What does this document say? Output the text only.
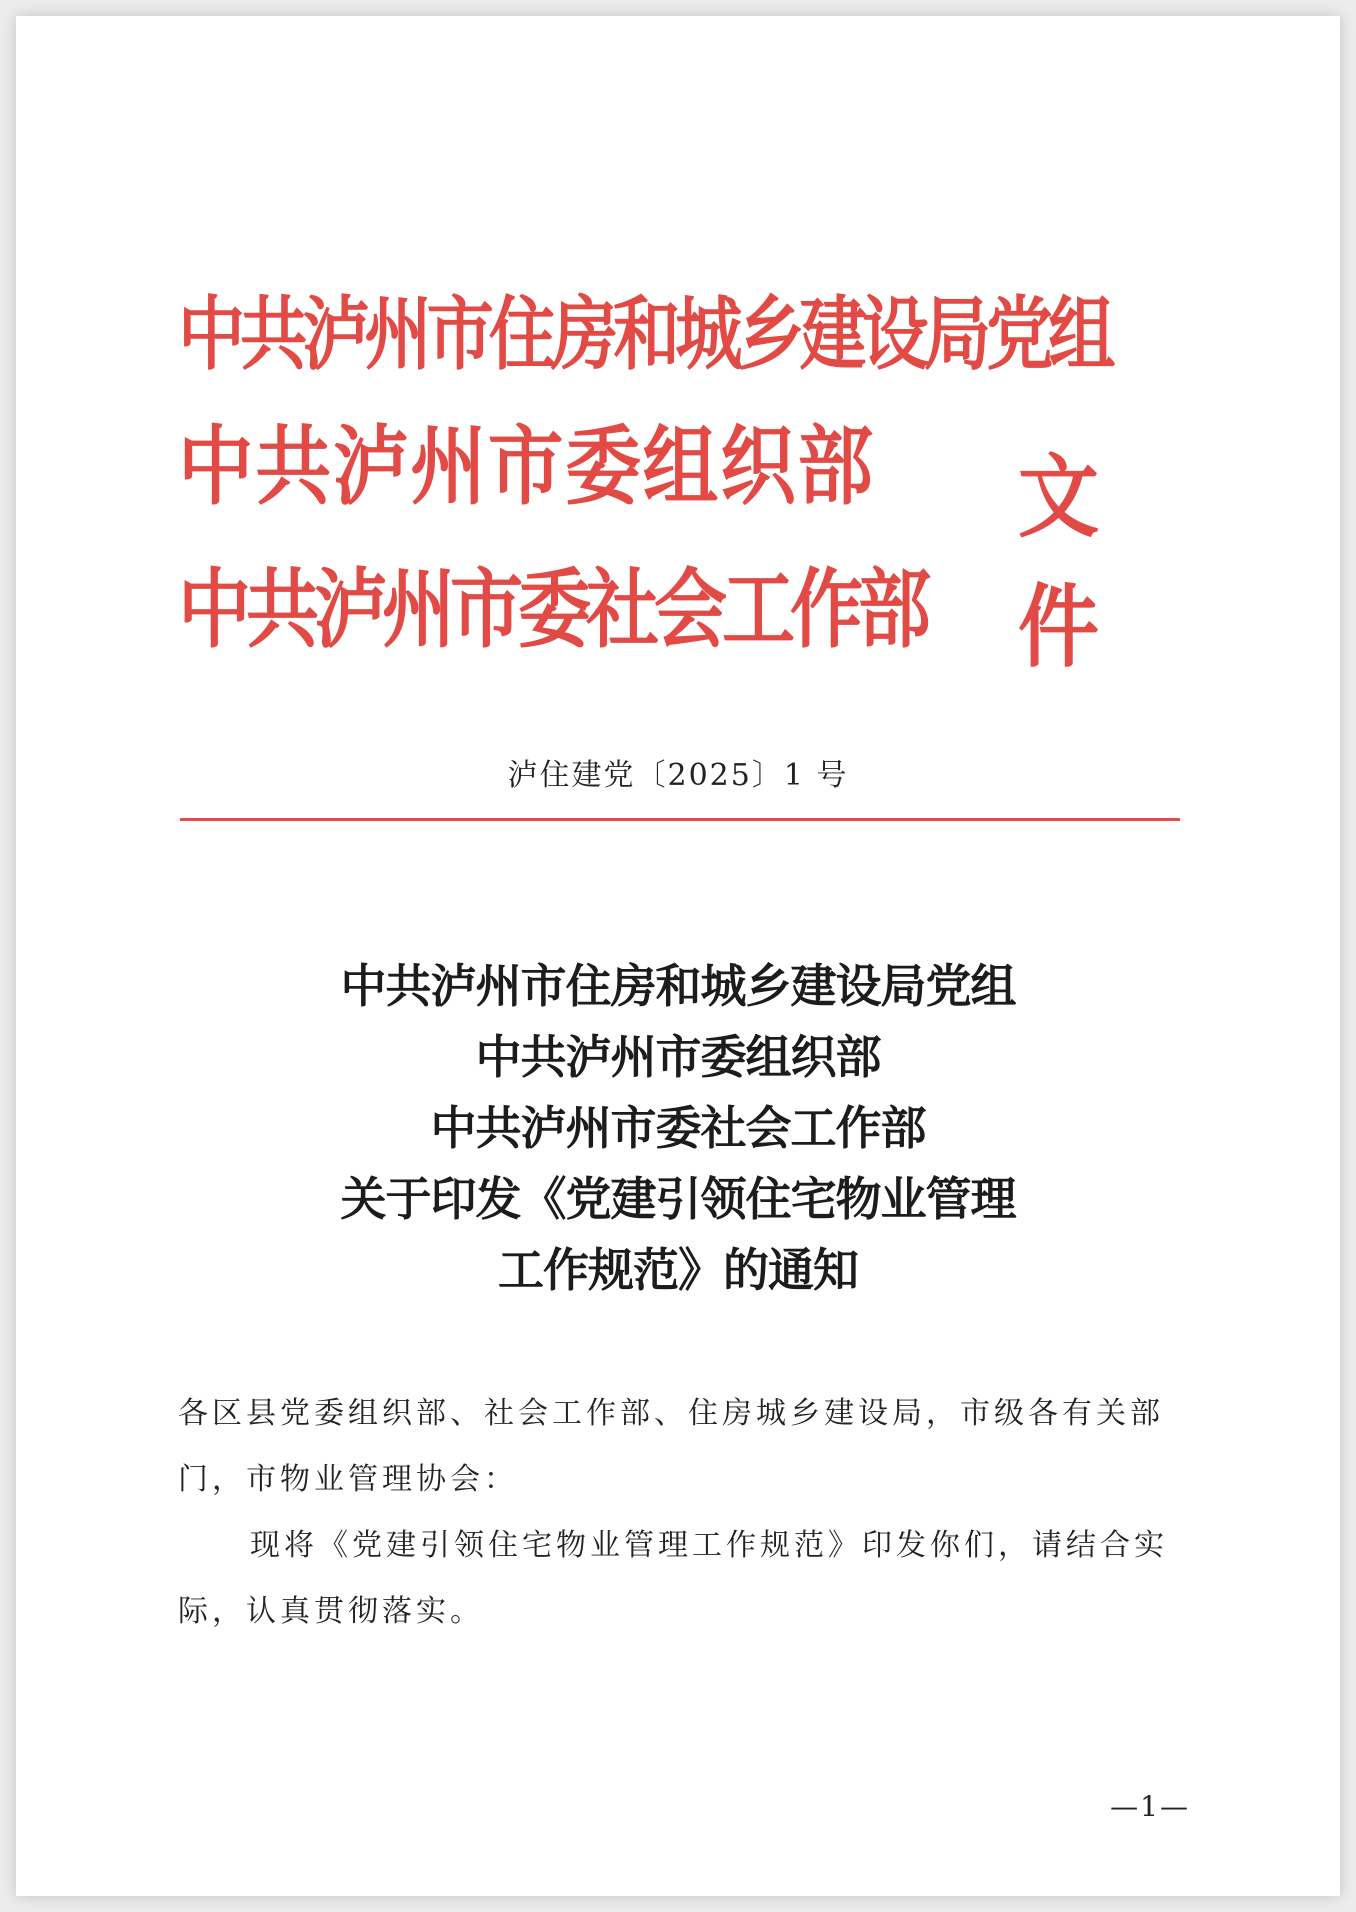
中共泸州市住房和城乡建设局党组
中共泸州市委组织部 文件
中共泸州市委社会工作部
泸住建党〔2025〕1 号
中共泸州市住房和城乡建设局党组
中共泸州市委组织部
中共泸州市委社会工作部
关于印发《党建引领住宅物业管理
工作规范》的通知

各区县党委组织部、社会工作部、住房城乡建设局，市级各有关部门，市物业管理协会：

现将《党建引领住宅物业管理工作规范》印发你们，请结合实际，认真贯彻落实。

—1—
